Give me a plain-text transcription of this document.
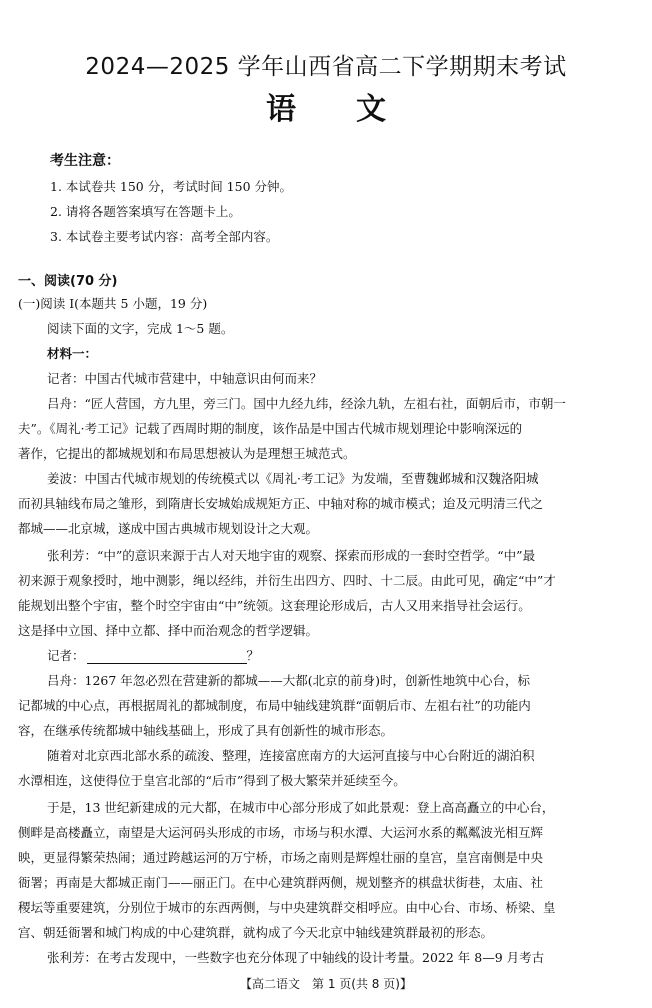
2024—2025 学年山西省高二下学期期末考试
语文
考生注意：
1. 本试卷共 150 分，考试时间 150 分钟。
2. 请将各题答案填写在答题卡上。
3. 本试卷主要考试内容：高考全部内容。
一、阅读(70 分)
(一)阅读 Ⅰ(本题共 5 小题，19 分)
阅读下面的文字，完成 1～5 题。
材料一：
记者：中国古代城市营建中，中轴意识由何而来？
吕舟：“匠人营国，方九里，旁三门。国中九经九纬，经涂九轨，左祖右社，面朝后市，市朝一
夫”。《周礼·考工记》记载了西周时期的制度，该作品是中国古代城市规划理论中影响深远的
著作，它提出的都城规划和布局思想被认为是理想王城范式。
姜波：中国古代城市规划的传统模式以《周礼·考工记》为发端，至曹魏邺城和汉魏洛阳城
而初具轴线布局之雏形，到隋唐长安城始成规矩方正、中轴对称的城市模式；迨及元明清三代之
都城——北京城，遂成中国古典城市规划设计之大观。
张利芳：“中”的意识来源于古人对天地宇宙的观察、探索而形成的一套时空哲学。“中”最
初来源于观象授时，地中测影，绳以经纬，并衍生出四方、四时、十二辰。由此可见，确定“中”才
能规划出整个宇宙，整个时空宇宙由“中”统领。这套理论形成后，古人又用来指导社会运行。
这是择中立国、择中立都、择中而治观念的哲学逻辑。
记者：	？
吕舟：1267 年忽必烈在营建新的都城——大都(北京的前身)时，创新性地筑中心台，标
记都城的中心点，再根据周礼的都城制度，布局中轴线建筑群“面朝后市、左祖右社”的功能内
容，在继承传统都城中轴线基础上，形成了具有创新性的城市形态。
随着对北京西北部水系的疏浚、整理，连接富庶南方的大运河直接与中心台附近的湖泊积
水潭相连，这使得位于皇宫北部的“后市”得到了极大繁荣并延续至今。
于是，13 世纪新建成的元大都，在城市中心部分形成了如此景观：登上高高矗立的中心台，
侧畔是高楼矗立，南望是大运河码头形成的市场，市场与积水潭、大运河水系的粼粼波光相互辉
映，更显得繁荣热闹；通过跨越运河的万宁桥，市场之南则是辉煌壮丽的皇宫，皇宫南侧是中央
衙署；再南是大都城正南门——丽正门。在中心建筑群两侧，规划整齐的棋盘状街巷，太庙、社
稷坛等重要建筑，分别位于城市的东西两侧，与中央建筑群交相呼应。由中心台、市场、桥梁、皇
宫、朝廷衙署和城门构成的中心建筑群，就构成了今天北京中轴线建筑群最初的形态。
张利芳：在考古发现中，一些数字也充分体现了中轴线的设计考量。2022 年 8—9 月考古
【高二语文　第 1 页(共 8 页)】
